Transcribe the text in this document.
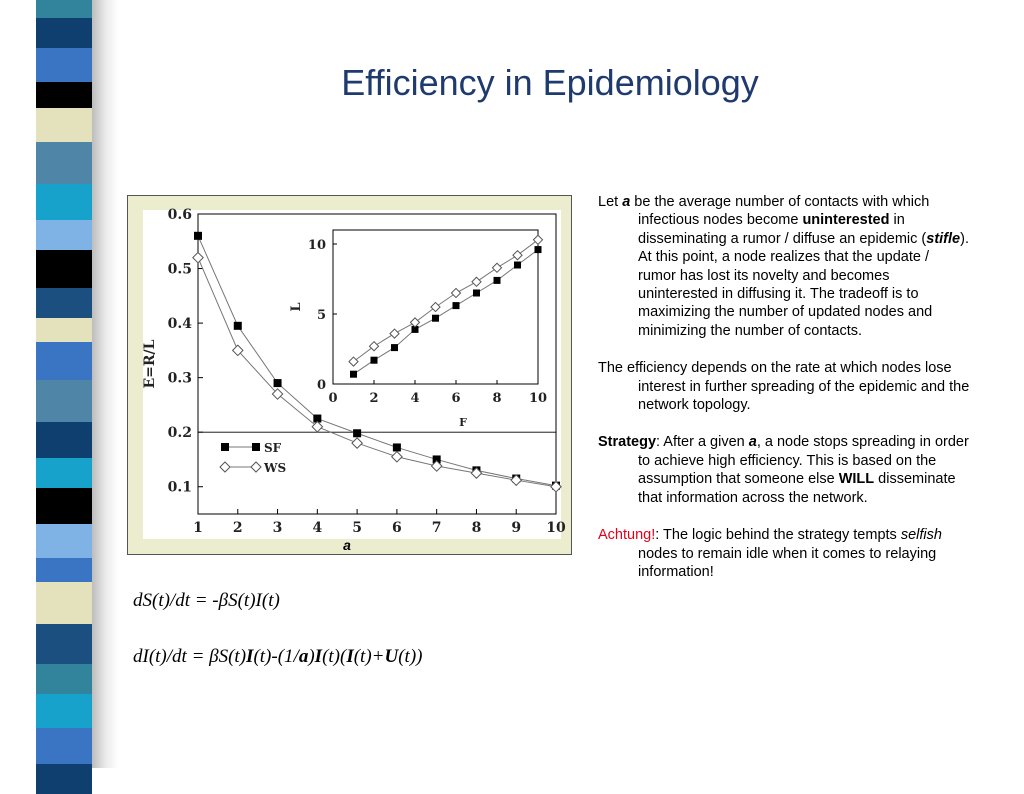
Efficiency in Epidemiology
1 2 3 4 5 6 7 8 9 10
0.1
0.2
0.3
0.4
0.5
0.6
E=R/L
a
SF
WS
0 2 4 6 8 10
0
5
10
L
F
dS(t)/dt = -βS(t)I(t)
dI(t)/dt = βS(t)I(t)-(1/a)I(t)(I(t)+U(t))

Let a be the average number of contacts with which infectious nodes become uninterested in disseminating a rumor / diffuse an epidemic (stifle). At this point, a node realizes that the update / rumor has lost its novelty and becomes uninterested in diffusing it. The tradeoff is to maximizing the number of updated nodes and minimizing the number of contacts.

The efficiency depends on the rate at which nodes lose interest in further spreading of the epidemic and the network topology.

Strategy: After a given a, a node stops spreading in order to achieve high efficiency. This is based on the assumption that someone else WILL disseminate that information across the network.

Achtung!: The logic behind the strategy tempts selfish nodes to remain idle when it comes to relaying information!
